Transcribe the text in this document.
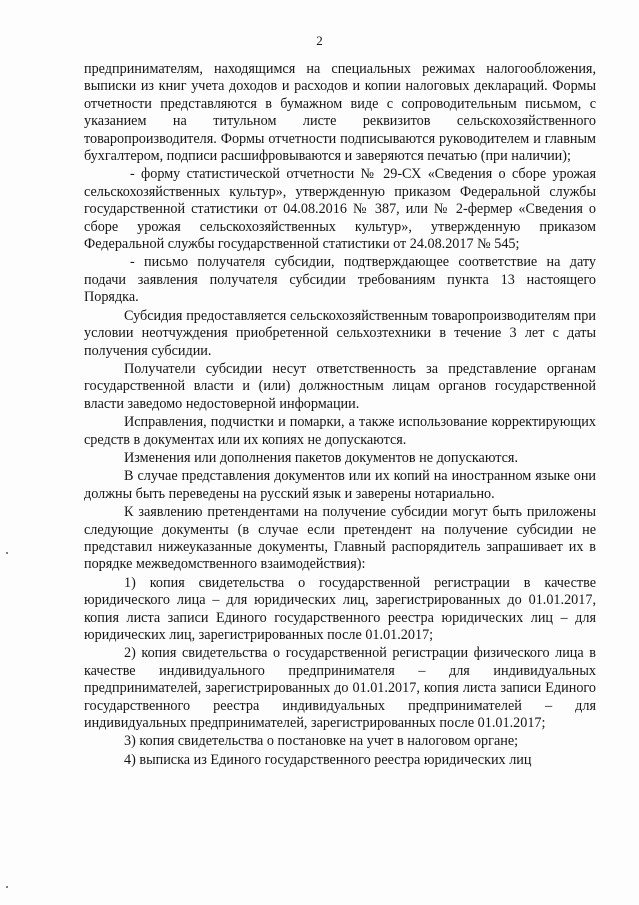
2

предпринимателям, находящимся на специальных режимах налогообложения, выписки из книг учета доходов и расходов и копии налоговых деклараций. Формы отчетности представляются в бумажном виде с сопроводительным письмом, с указанием на титульном листе реквизитов сельскохозяйственного товаропроизводителя. Формы отчетности подписываются руководителем и главным бухгалтером, подписи расшифровываются и заверяются печатью (при наличии);

- форму статистической отчетности № 29-СХ «Сведения о сборе урожая сельскохозяйственных культур», утвержденную приказом Федеральной службы государственной статистики от 04.08.2016 № 387, или № 2-фермер «Сведения о сборе урожая сельскохозяйственных культур», утвержденную приказом Федеральной службы государственной статистики от 24.08.2017 № 545;

- письмо получателя субсидии, подтверждающее соответствие на дату подачи заявления получателя субсидии требованиям пункта 13 настоящего Порядка.

Субсидия предоставляется сельскохозяйственным товаропроизводителям при условии неотчуждения приобретенной сельхозтехники в течение 3 лет с даты получения субсидии.

Получатели субсидии несут ответственность за представление органам государственной власти и (или) должностным лицам органов государственной власти заведомо недостоверной информации.

Исправления, подчистки и помарки, а также использование корректирующих средств в документах или их копиях не допускаются.

Изменения или дополнения пакетов документов не допускаются.

В случае представления документов или их копий на иностранном языке они должны быть переведены на русский язык и заверены нотариально.

К заявлению претендентами на получение субсидии могут быть приложены следующие документы (в случае если претендент на получение субсидии не представил нижеуказанные документы, Главный распорядитель запрашивает их в порядке межведомственного взаимодействия):

1) копия свидетельства о государственной регистрации в качестве юридического лица – для юридических лиц, зарегистрированных до 01.01.2017, копия листа записи Единого государственного реестра юридических лиц – для юридических лиц, зарегистрированных после 01.01.2017;

2) копия свидетельства о государственной регистрации физического лица в качестве индивидуального предпринимателя – для индивидуальных предпринимателей, зарегистрированных до 01.01.2017, копия листа записи Единого государственного реестра индивидуальных предпринимателей – для индивидуальных предпринимателей, зарегистрированных после 01.01.2017;

3) копия свидетельства о постановке на учет в налоговом органе;

4) выписка из Единого государственного реестра юридических лиц
